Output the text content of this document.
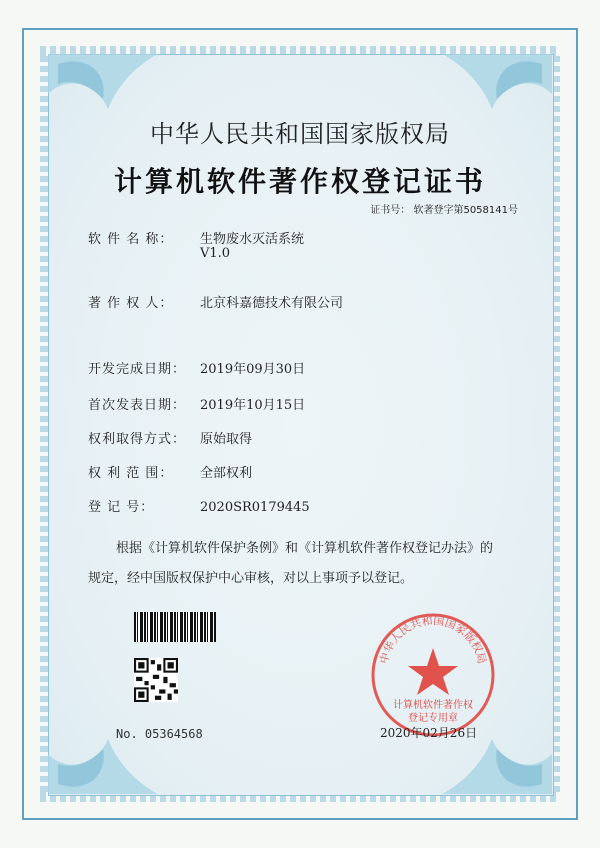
中华人民共和国国家版权局
计算机软件著作权登记证书
证书号： 软著登字第5058141号
软 件 名 称： 生物废水灭活系统
V1.0
著 作 权 人： 北京科嘉德技术有限公司
开发完成日期： 2019年09月30日
首次发表日期： 2019年10月15日
权利取得方式： 原始取得
权 利 范 围： 全部权利
登 记 号：	2020SR0179445
根据《计算机软件保护条例》和《计算机软件著作权登记办法》的
规定，经中国版权保护中心审核，对以上事项予以登记。
No. 05364568
中华人民共和国国家版权局
计算机软件著作权
登记专用章
2020年02月26日
